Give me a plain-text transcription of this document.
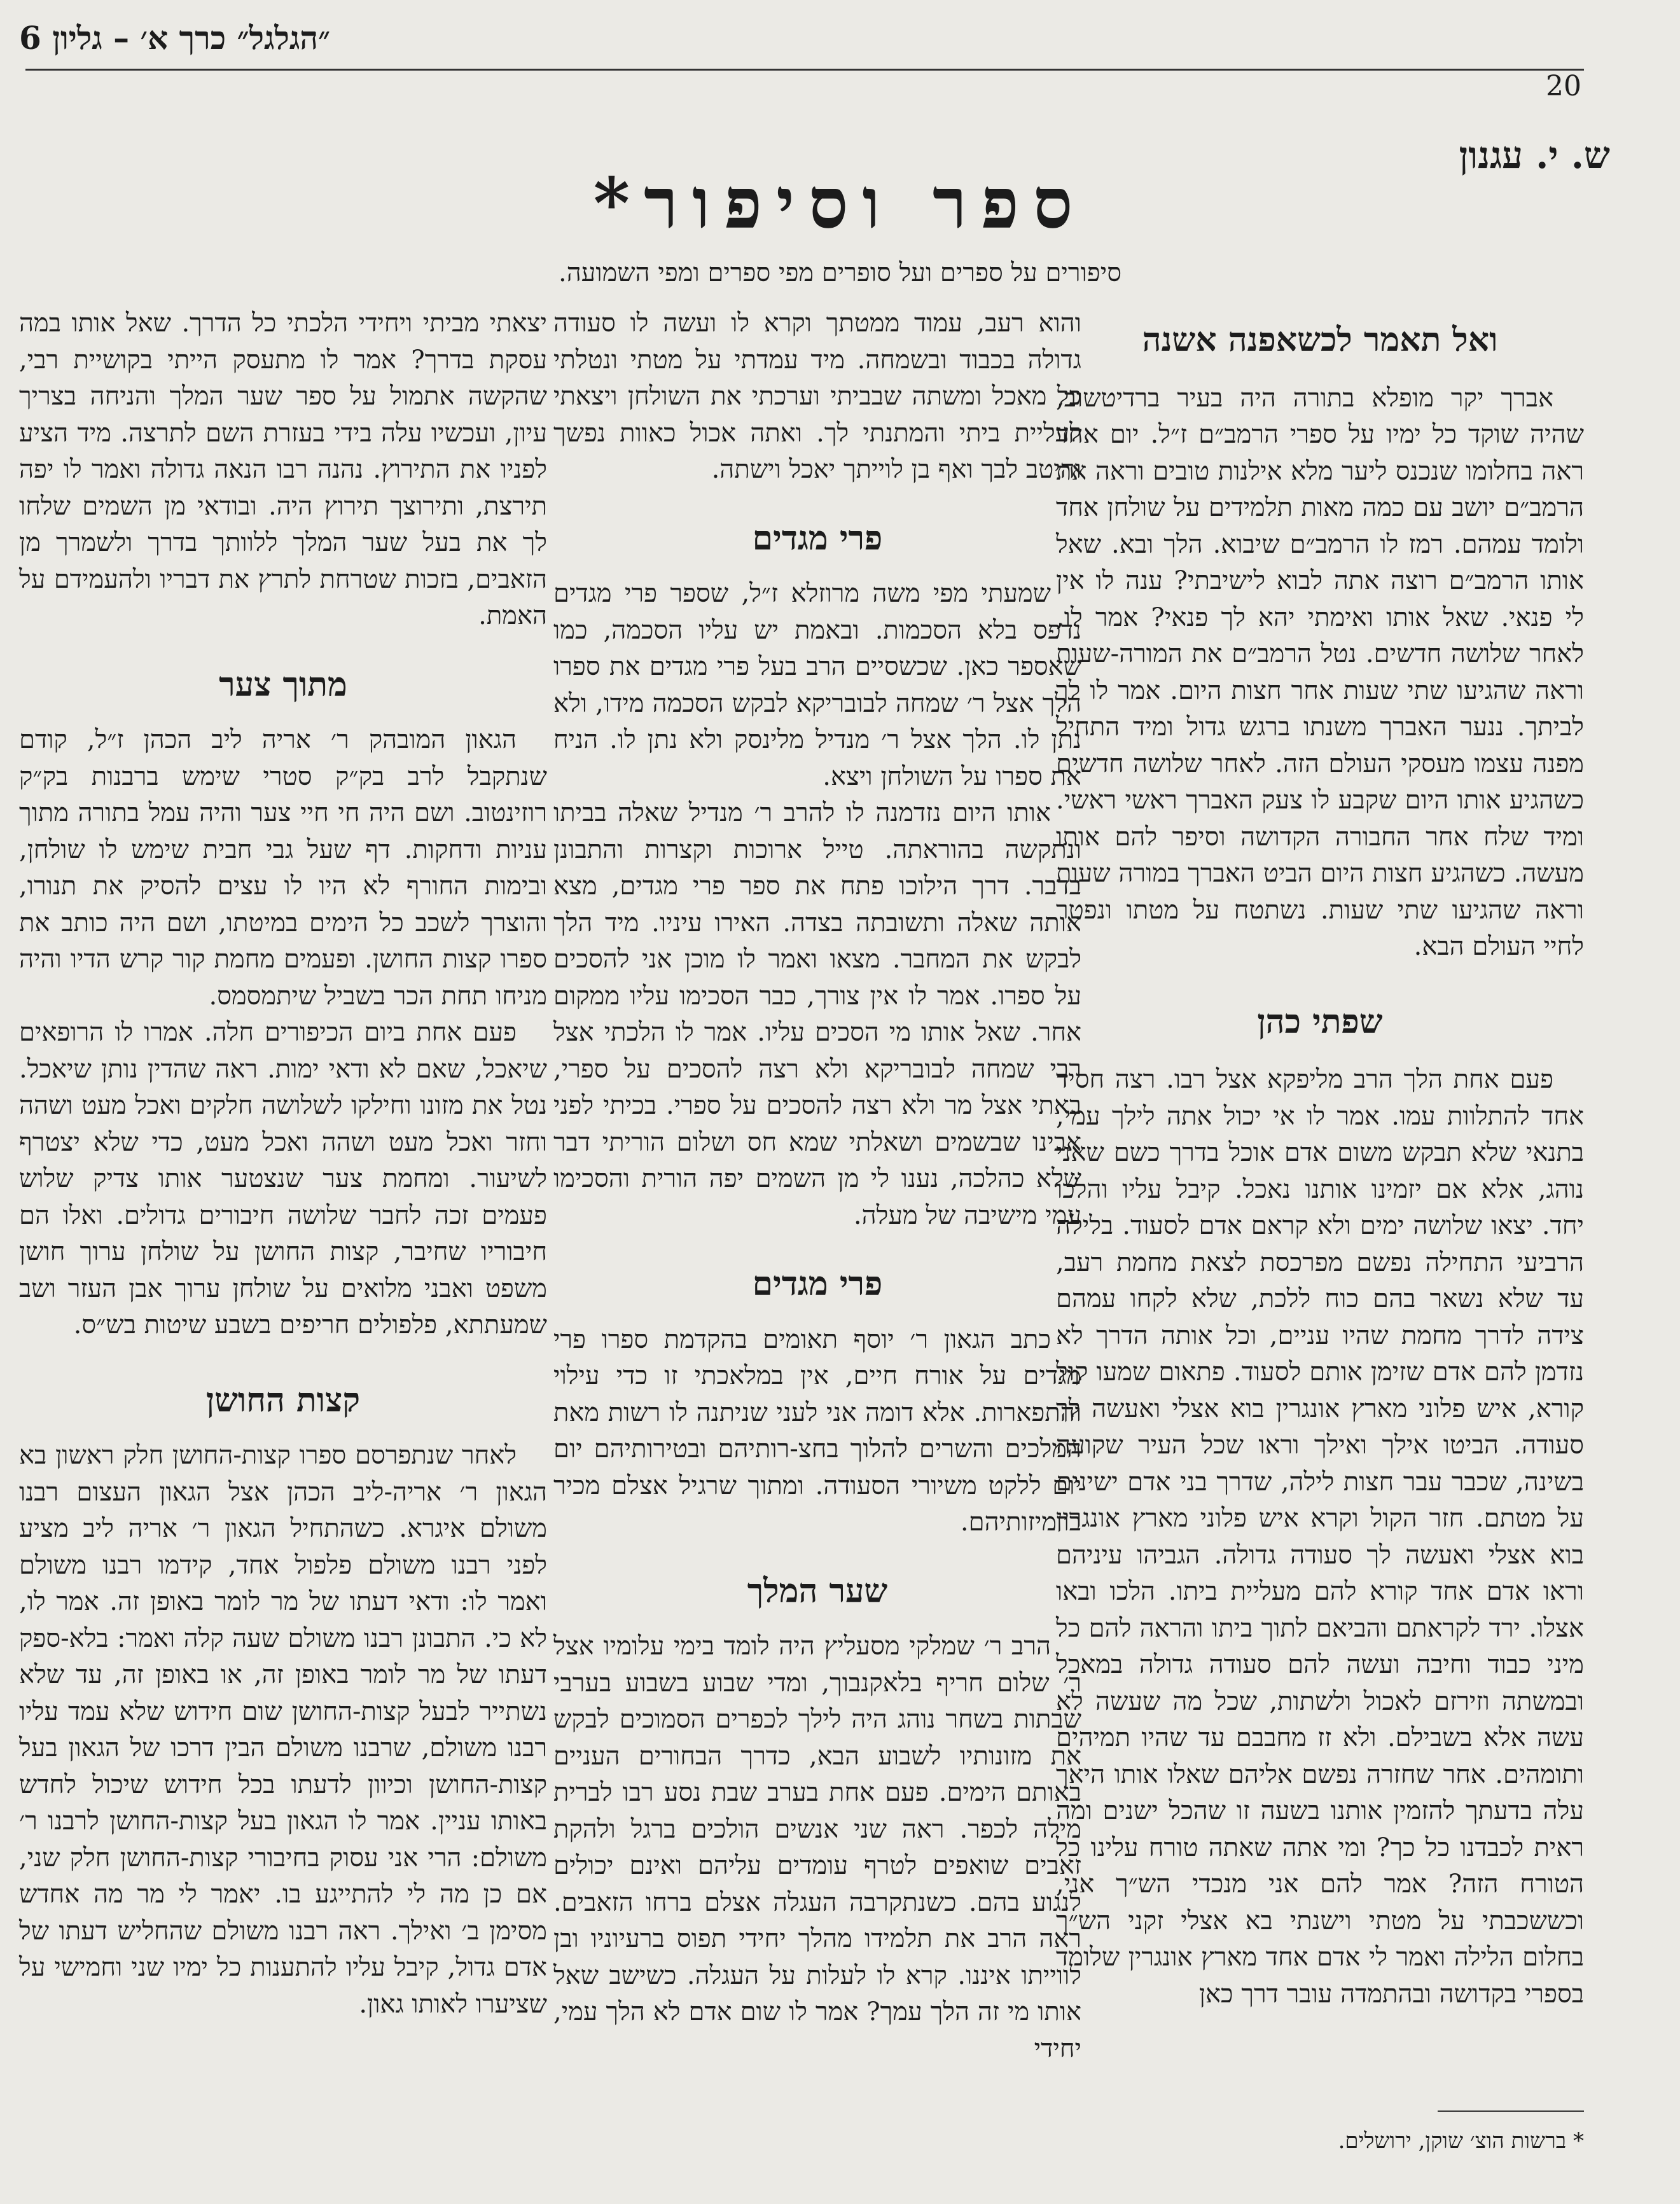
״הגלגל״ כרך א׳ – גליון 6
20
ש. י. עגנון
ספר וסיפור*
סיפורים על ספרים ועל סופרים מפי ספרים ומפי השמועה.
ואל תאמר לכשאפנה אשנה

אברך יקר מופלא בתורה היה בעיר ברדיטשוב, שהיה שוקד כל ימיו על ספרי הרמב״ם ז״ל. יום אחד ראה בחלומו שנכנס ליער מלא אילנות טובים וראה את הרמב״ם יושב עם כמה מאות תלמידים על שולחן אחד ולומד עמהם. רמז לו הרמב״ם שיבוא. הלך ובא. שאל אותו הרמב״ם רוצה אתה לבוא לישיבתי? ענה לו אין לי פנאי. שאל אותו ואימתי יהא לך פנאי? אמר לו, לאחר שלושה חדשים. נטל הרמב״ם את המורה-שעות וראה שהגיעו שתי שעות אחר חצות היום. אמר לו לך לביתך. ננער האברך משנתו ברגש גדול ומיד התחיל מפנה עצמו מעסקי העולם הזה. לאחר שלושה חדשים כשהגיע אותו היום שקבע לו צעק האברך ראשי ראשי. ומיד שלח אחר החבורה הקדושה וסיפר להם אותו מעשה. כשהגיע חצות היום הביט האברך במורה שעות וראה שהגיעו שתי שעות. נשתטח על מטתו ונפטר לחיי העולם הבא.

שפתי כהן

פעם אחת הלך הרב מליפקא אצל רבו. רצה חסיד אחד להתלוות עמו. אמר לו אי יכול אתה לילך עמי, בתנאי שלא תבקש משום אדם אוכל בדרך כשם שאני נוהג, אלא אם יזמינו אותנו נאכל. קיבל עליו והלכו יחד. יצאו שלושה ימים ולא קראם אדם לסעוד. בלילה הרביעי התחילה נפשם מפרכסת לצאת מחמת רעב, עד שלא נשאר בהם כוח ללכת, שלא לקחו עמהם צידה לדרך מחמת שהיו עניים, וכל אותה הדרך לא נזדמן להם אדם שזימן אותם לסעוד. פתאום שמעו קול קורא, איש פלוני מארץ אונגרין בוא אצלי ואעשה לך סעודה. הביטו אילך ואילך וראו שכל העיר שקועה בשינה, שכבר עבר חצות לילה, שדרך בני אדם ישינים על מטתם. חזר הקול וקרא איש פלוני מארץ אונגרין בוא אצלי ואעשה לך סעודה גדולה. הגביהו עיניהם וראו אדם אחד קורא להם מעליית ביתו. הלכו ובאו אצלו. ירד לקראתם והביאם לתוך ביתו והראה להם כל מיני כבוד וחיבה ועשה להם סעודה גדולה במאכל ובמשתה וזירזם לאכול ולשתות, שכל מה שעשה לא עשה אלא בשבילם. ולא זז מחבבם עד שהיו תמיהים ותומהים. אחר שחזרה נפשם אליהם שאלו אותו היאך עלה בדעתך להזמין אותנו בשעה זו שהכל ישנים ומה ראית לכבדנו כל כך? ומי אתה שאתה טורח עלינו כל הטורח הזה? אמר להם אני מנכדי הש״ך אני, וכששכבתי על מטתי וישנתי בא אצלי זקני הש״ך בחלום הלילה ואמר לי אדם אחד מארץ אונגרין שלומד בספרי בקדושה ובהתמדה עובר דרך כאן

והוא רעב, עמוד ממטתך וקרא לו ועשה לו סעודה גדולה בכבוד ובשמחה. מיד עמדתי על מטתי ונטלתי כל מאכל ומשתה שבביתי וערכתי את השולחן ויצאתי לעליית ביתי והמתנתי לך. ואתה אכול כאוות נפשך והיטב לבך ואף בן לוייתך יאכל וישתה.

פרי מגדים

שמעתי מפי משה מרוזלא ז״ל, שספר פרי מגדים נדפס בלא הסכמות. ובאמת יש עליו הסכמה, כמו שאספר כאן. שכשסיים הרב בעל פרי מגדים את ספרו הלך אצל ר׳ שמחה לבובריקא לבקש הסכמה מידו, ולא נתן לו. הלך אצל ר׳ מנדיל מלינסק ולא נתן לו. הניח את ספרו על השולחן ויצא.

אותו היום נזדמנה לו להרב ר׳ מנדיל שאלה בביתו ונתקשה בהוראתה. טייל ארוכות וקצרות והתבונן בדבר. דרך הילוכו פתח את ספר פרי מגדים, מצא אותה שאלה ותשובתה בצדה. האירו עיניו. מיד הלך לבקש את המחבר. מצאו ואמר לו מוכן אני להסכים על ספרו. אמר לו אין צורך, כבר הסכימו עליו ממקום אחר. שאל אותו מי הסכים עליו. אמר לו הלכתי אצל רבי שמחה לבובריקא ולא רצה להסכים על ספרי, באתי אצל מר ולא רצה להסכים על ספרי. בכיתי לפני אבינו שבשמים ושאלתי שמא חס ושלום הוריתי דבר שלא כהלכה, נענו לי מן השמים יפה הורית והסכימו עמי מישיבה של מעלה.

פרי מגדים

כתב הגאון ר׳ יוסף תאומים בהקדמת ספרו פרי מגדים על אורח חיים, אין במלאכתי זו כדי עילוי והתפארות. אלא דומה אני לעני שניתנה לו רשות מאת המלכים והשרים להלוך בחצ-רותיהם ובטירותיהם יום יום ללקט משיורי הסעודה. ומתוך שרגיל אצלם מכיר ברמיזותיהם.

שער המלך

הרב ר׳ שמלקי מסעליץ היה לומד בימי עלומיו אצל ר׳ שלום חריף בלאקנבוך, ומדי שבוע בשבוע בערבי שבתות בשחר נוהג היה לילך לכפרים הסמוכים לבקש את מזונותיו לשבוע הבא, כדרך הבחורים העניים באותם הימים. פעם אחת בערב שבת נסע רבו לברית מילה לכפר. ראה שני אנשים הולכים ברגל ולהקת זאבים שואפים לטרף עומדים עליהם ואינם יכולים לנגוע בהם. כשנתקרבה העגלה אצלם ברחו הזאבים. ראה הרב את תלמידו מהלך יחידי תפוס ברעיוניו ובן לווייתו איננו. קרא לו לעלות על העגלה. כשישב שאל אותו מי זה הלך עמך? אמר לו שום אדם לא הלך עמי, יחידי

יצאתי מביתי ויחידי הלכתי כל הדרך. שאל אותו במה עסקת בדרך? אמר לו מתעסק הייתי בקושיית רבי, שהקשה אתמול על ספר שער המלך והניחה בצריך עיון, ועכשיו עלה בידי בעזרת השם לתרצה. מיד הציע לפניו את התירוץ. נהנה רבו הנאה גדולה ואמר לו יפה תירצת, ותירוצך תירוץ היה. ובודאי מן השמים שלחו לך את בעל שער המלך ללוותך בדרך ולשמרך מן הזאבים, בזכות שטרחת לתרץ את דבריו ולהעמידם על האמת.

מתוך צער

הגאון המובהק ר׳ אריה ליב הכהן ז״ל, קודם שנתקבל לרב בק״ק סטרי שימש ברבנות בק״ק רוזינטוב. ושם היה חי חיי צער והיה עמל בתורה מתוך עניות ודחקות. דף שעל גבי חבית שימש לו שולחן, ובימות החורף לא היו לו עצים להסיק את תנורו, והוצרך לשכב כל הימים במיטתו, ושם היה כותב את ספרו קצות החושן. ופעמים מחמת קור קרש הדיו והיה מניחו תחת הכר בשביל שיתמסמס.

פעם אחת ביום הכיפורים חלה. אמרו לו הרופאים שיאכל, שאם לא ודאי ימות. ראה שהדין נותן שיאכל. נטל את מזונו וחילקו לשלושה חלקים ואכל מעט ושהה וחזר ואכל מעט ושהה ואכל מעט, כדי שלא יצטרף לשיעור. ומחמת צער שנצטער אותו צדיק שלוש פעמים זכה לחבר שלושה חיבורים גדולים. ואלו הם חיבוריו שחיבר, קצות החושן על שולחן ערוך חושן משפט ואבני מלואים על שולחן ערוך אבן העזר ושב שמעתתא, פלפולים חריפים בשבע שיטות בש״ס.

קצות החושן

לאחר שנתפרסם ספרו קצות-החושן חלק ראשון בא הגאון ר׳ אריה-ליב הכהן אצל הגאון העצום רבנו משולם איגרא. כשהתחיל הגאון ר׳ אריה ליב מציע לפני רבנו משולם פלפול אחד, קידמו רבנו משולם ואמר לו: ודאי דעתו של מר לומר באופן זה. אמר לו, לא כי. התבונן רבנו משולם שעה קלה ואמר: בלא-ספק דעתו של מר לומר באופן זה, או באופן זה, עד שלא נשתייר לבעל קצות-החושן שום חידוש שלא עמד עליו רבנו משולם, שרבנו משולם הבין דרכו של הגאון בעל קצות-החושן וכיוון לדעתו בכל חידוש שיכול לחדש באותו עניין. אמר לו הגאון בעל קצות-החושן לרבנו ר׳ משולם: הרי אני עסוק בחיבורי קצות-החושן חלק שני, אם כן מה לי להתייגע בו. יאמר לי מר מה אחדש מסימן ב׳ ואילך. ראה רבנו משולם שהחליש דעתו של אדם גדול, קיבל עליו להתענות כל ימיו שני וחמישי על שציערו לאותו גאון.

* ברשות הוצ׳ שוקן, ירושלים.
